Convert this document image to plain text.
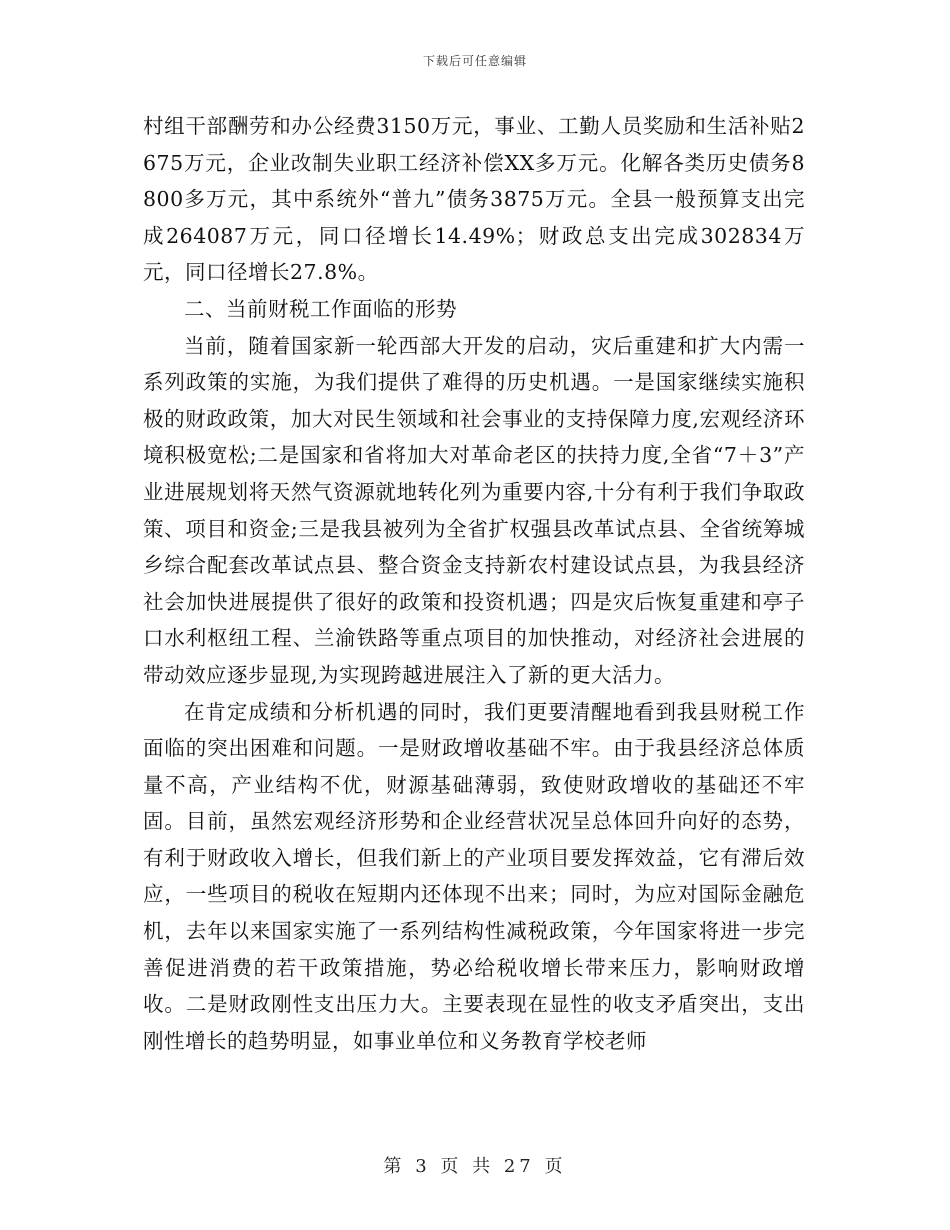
下载后可任意编辑

村组干部酬劳和办公经费3150万元，事业、工勤人员奖励和生活补贴2675万元，企业改制失业职工经济补偿XX多万元。化解各类历史债务8800多万元，其中系统外“普九”债务3875万元。全县一般预算支出完成264087万元，同口径增长14.49%；财政总支出完成302834万元，同口径增长27.8%。

二、当前财税工作面临的形势

当前，随着国家新一轮西部大开发的启动，灾后重建和扩大内需一系列政策的实施，为我们提供了难得的历史机遇。一是国家继续实施积极的财政政策，加大对民生领域和社会事业的支持保障力度,宏观经济环境积极宽松;二是国家和省将加大对革命老区的扶持力度,全省“7＋3”产业进展规划将天然气资源就地转化列为重要内容,十分有利于我们争取政策、项目和资金;三是我县被列为全省扩权强县改革试点县、全省统筹城乡综合配套改革试点县、整合资金支持新农村建设试点县，为我县经济社会加快进展提供了很好的政策和投资机遇；四是灾后恢复重建和亭子口水利枢纽工程、兰渝铁路等重点项目的加快推动，对经济社会进展的带动效应逐步显现,为实现跨越进展注入了新的更大活力。

在肯定成绩和分析机遇的同时，我们更要清醒地看到我县财税工作面临的突出困难和问题。一是财政增收基础不牢。由于我县经济总体质量不高，产业结构不优，财源基础薄弱，致使财政增收的基础还不牢固。目前，虽然宏观经济形势和企业经营状况呈总体回升向好的态势，有利于财政收入增长，但我们新上的产业项目要发挥效益，它有滞后效应，一些项目的税收在短期内还体现不出来；同时，为应对国际金融危机，去年以来国家实施了一系列结构性减税政策，今年国家将进一步完善促进消费的若干政策措施，势必给税收增长带来压力，影响财政增收。二是财政刚性支出压力大。主要表现在显性的收支矛盾突出，支出刚性增长的趋势明显，如事业单位和义务教育学校老师

第 3 页 共 27 页
